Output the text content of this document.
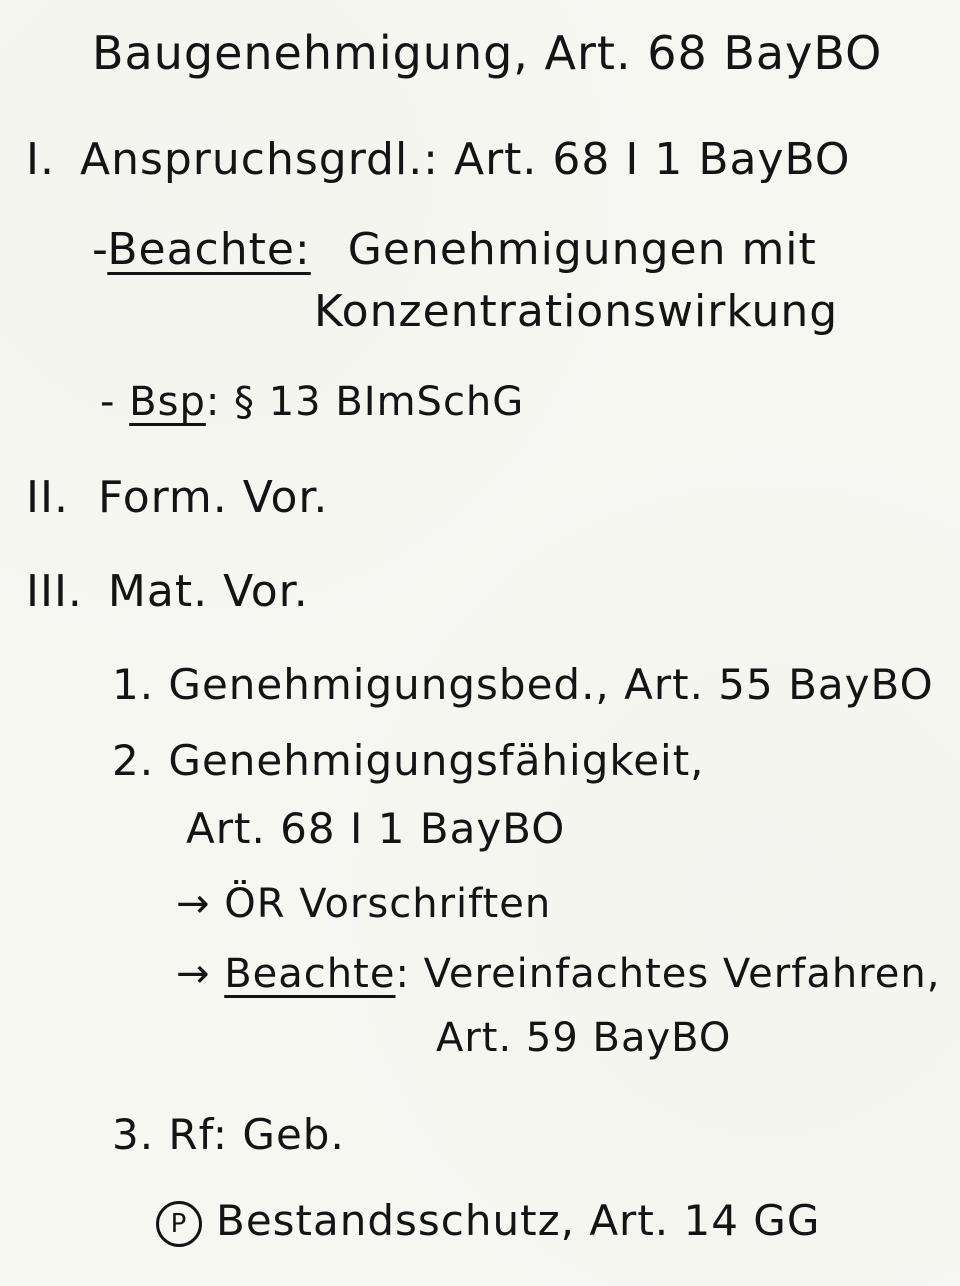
Baugenehmigung, Art. 68 BayBO
I. Anspruchsgrdl.: Art. 68 I 1 BayBO
-Beachte: Genehmigungen mit
Konzentrationswirkung
- Bsp: § 13 BImSchG
II. Form. Vor.
III. Mat. Vor.
1. Genehmigungsbed., Art. 55 BayBO
2. Genehmigungsfähigkeit,
Art. 68 I 1 BayBO
→ ÖR Vorschriften
→ Beachte: Vereinfachtes Verfahren,
Art. 59 BayBO
3. Rf: Geb.
P Bestandsschutz, Art. 14 GG
